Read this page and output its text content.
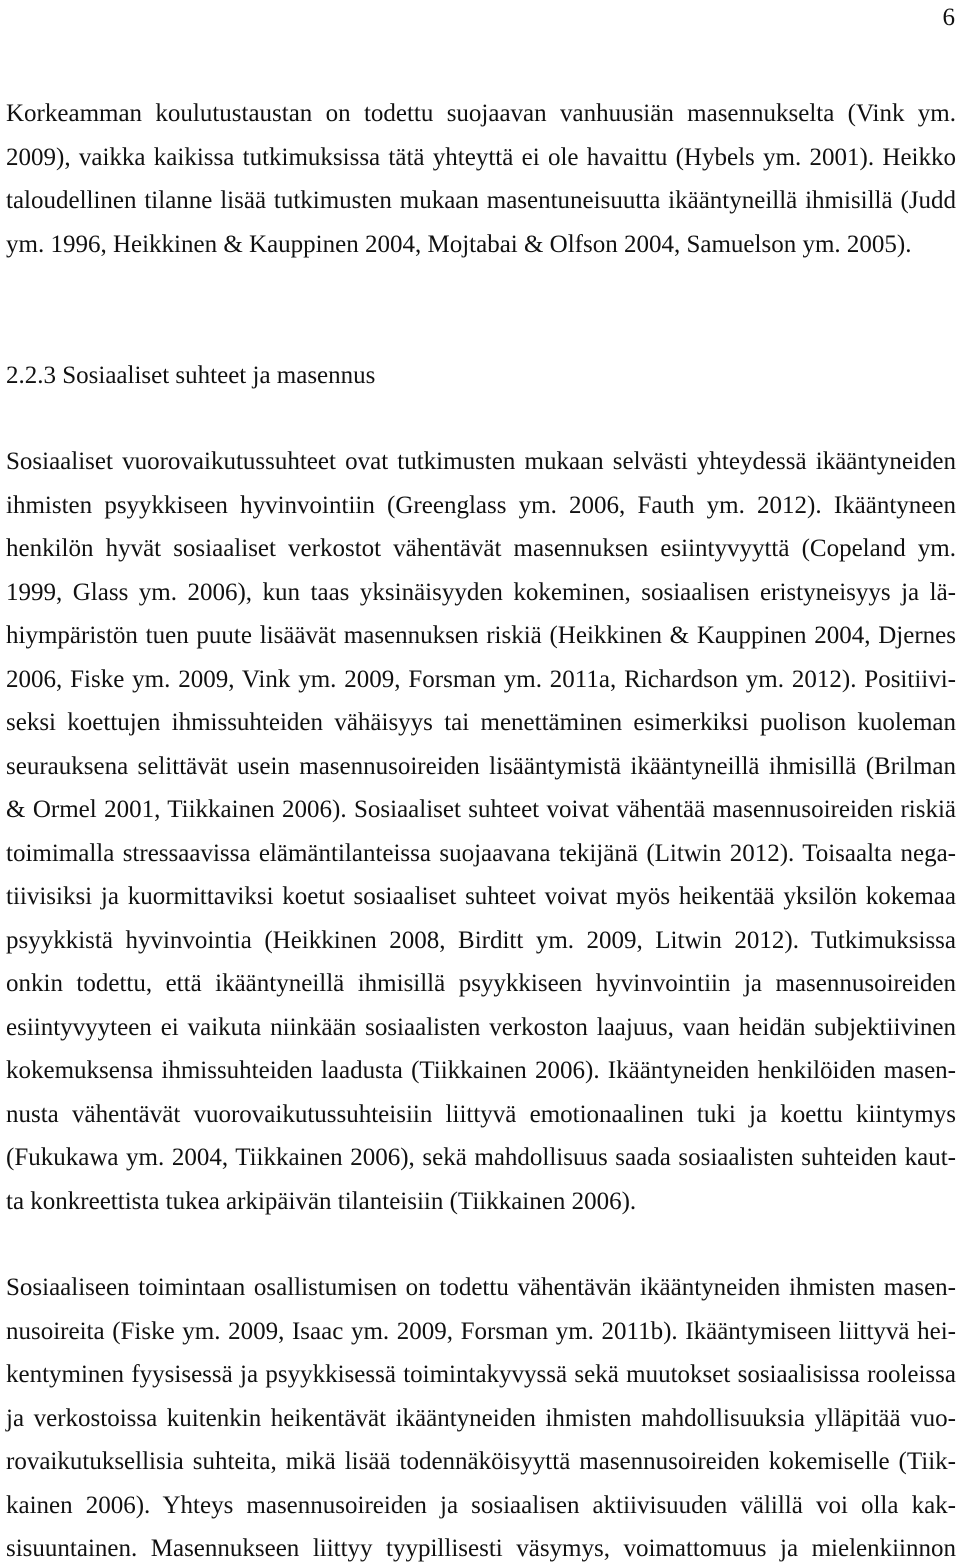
6
Korkeamman koulutustaustan on todettu suojaavan vanhuusiän masennukselta (Vink ym.
2009), vaikka kaikissa tutkimuksissa tätä yhteyttä ei ole havaittu (Hybels ym. 2001). Heikko
taloudellinen tilanne lisää tutkimusten mukaan masentuneisuutta ikääntyneillä ihmisillä (Judd
ym. 1996, Heikkinen & Kauppinen 2004, Mojtabai & Olfson 2004, Samuelson ym. 2005).
2.2.3 Sosiaaliset suhteet ja masennus
Sosiaaliset vuorovaikutussuhteet ovat tutkimusten mukaan selvästi yhteydessä ikääntyneiden
ihmisten psyykkiseen hyvinvointiin (Greenglass ym. 2006, Fauth ym. 2012). Ikääntyneen
henkilön hyvät sosiaaliset verkostot vähentävät masennuksen esiintyvyyttä (Copeland ym.
1999, Glass ym. 2006), kun taas yksinäisyyden kokeminen, sosiaalisen eristyneisyys ja lä-
hiympäristön tuen puute lisäävät masennuksen riskiä (Heikkinen & Kauppinen 2004, Djernes
2006, Fiske ym. 2009, Vink ym. 2009, Forsman ym. 2011a, Richardson ym. 2012). Positiivi-
seksi koettujen ihmissuhteiden vähäisyys tai menettäminen esimerkiksi puolison kuoleman
seurauksena selittävät usein masennusoireiden lisääntymistä ikääntyneillä ihmisillä (Brilman
& Ormel 2001, Tiikkainen 2006). Sosiaaliset suhteet voivat vähentää masennusoireiden riskiä
toimimalla stressaavissa elämäntilanteissa suojaavana tekijänä (Litwin 2012). Toisaalta nega-
tiivisiksi ja kuormittaviksi koetut sosiaaliset suhteet voivat myös heikentää yksilön kokemaa
psyykkistä hyvinvointia (Heikkinen 2008, Birditt ym. 2009, Litwin 2012). Tutkimuksissa
onkin todettu, että ikääntyneillä ihmisillä psyykkiseen hyvinvointiin ja masennusoireiden
esiintyvyyteen ei vaikuta niinkään sosiaalisten verkoston laajuus, vaan heidän subjektiivinen
kokemuksensa ihmissuhteiden laadusta (Tiikkainen 2006). Ikääntyneiden henkilöiden masen-
nusta vähentävät vuorovaikutussuhteisiin liittyvä emotionaalinen tuki ja koettu kiintymys
(Fukukawa ym. 2004, Tiikkainen 2006), sekä mahdollisuus saada sosiaalisten suhteiden kaut-
ta konkreettista tukea arkipäivän tilanteisiin (Tiikkainen 2006).
Sosiaaliseen toimintaan osallistumisen on todettu vähentävän ikääntyneiden ihmisten masen-
nusoireita (Fiske ym. 2009, Isaac ym. 2009, Forsman ym. 2011b). Ikääntymiseen liittyvä hei-
kentyminen fyysisessä ja psyykkisessä toimintakyvyssä sekä muutokset sosiaalisissa rooleissa
ja verkostoissa kuitenkin heikentävät ikääntyneiden ihmisten mahdollisuuksia ylläpitää vuo-
rovaikutuksellisia suhteita, mikä lisää todennäköisyyttä masennusoireiden kokemiselle (Tiik-
kainen 2006). Yhteys masennusoireiden ja sosiaalisen aktiivisuuden välillä voi olla kak-
sisuuntainen. Masennukseen liittyy tyypillisesti väsymys, voimattomuus ja mielenkiinnon
